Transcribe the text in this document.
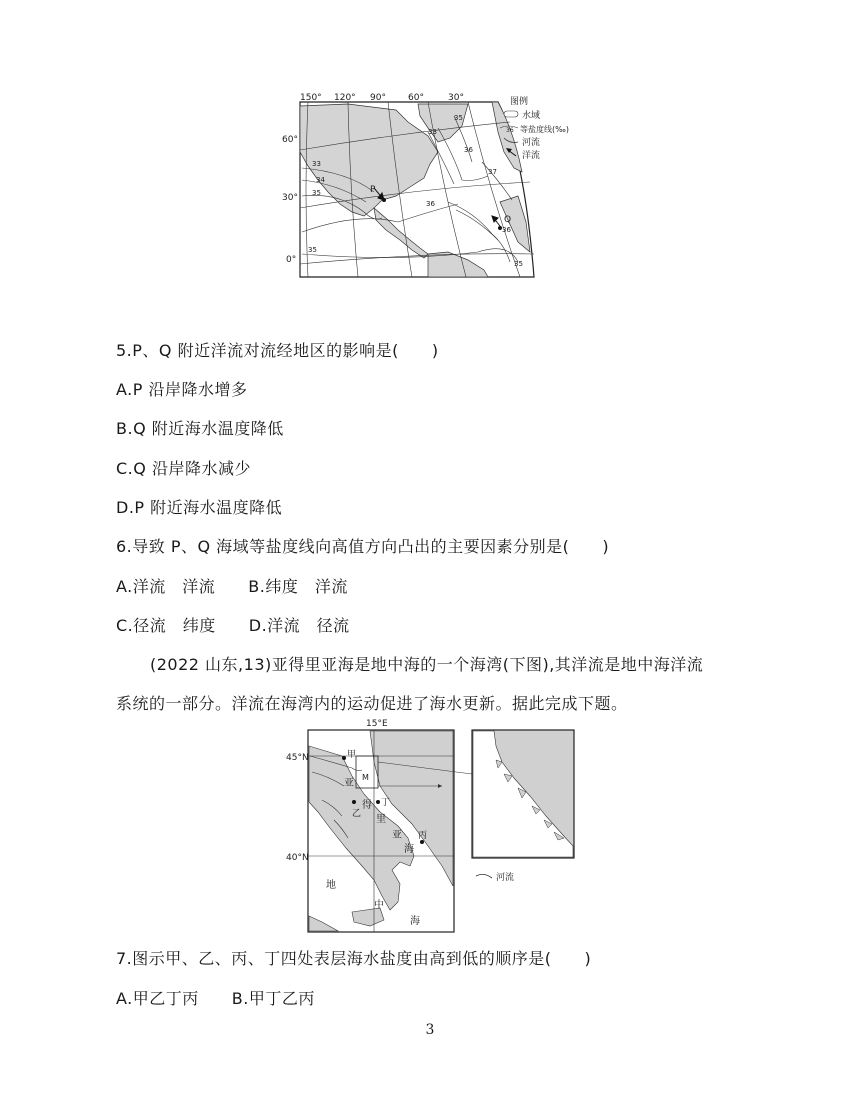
150° 120° 90° 60°	30°
60°
30°
0°
33
34
35
35
33
35
36
37
36
36
35
P
Q
图例
水域
36 等盐度线(‰)
河流
洋流
5.P、Q 附近洋流对流经地区的影响是(　　)
A.P 沿岸降水增多
B.Q 附近海水温度降低
C.Q 沿岸降水减少
D.P 附近海水温度降低
6.导致 P、Q 海域等盐度线向高值方向凸出的主要因素分别是(　　)
A.洋流　洋流　　B.纬度　洋流
C.径流　纬度　　D.洋流　径流
(2022 山东,13)亚得里亚海是地中海的一个海湾(下图),其洋流是地中海洋流
系统的一部分。洋流在海湾内的运动促进了海水更新。据此完成下题。
15°E
45°N
40°N
甲
乙
丙
丁
亚
得
里
亚
海
地
中
海
M
河流
7.图示甲、乙、丙、丁四处表层海水盐度由高到低的顺序是(　　)
A.甲乙丁丙　　B.甲丁乙丙
3
